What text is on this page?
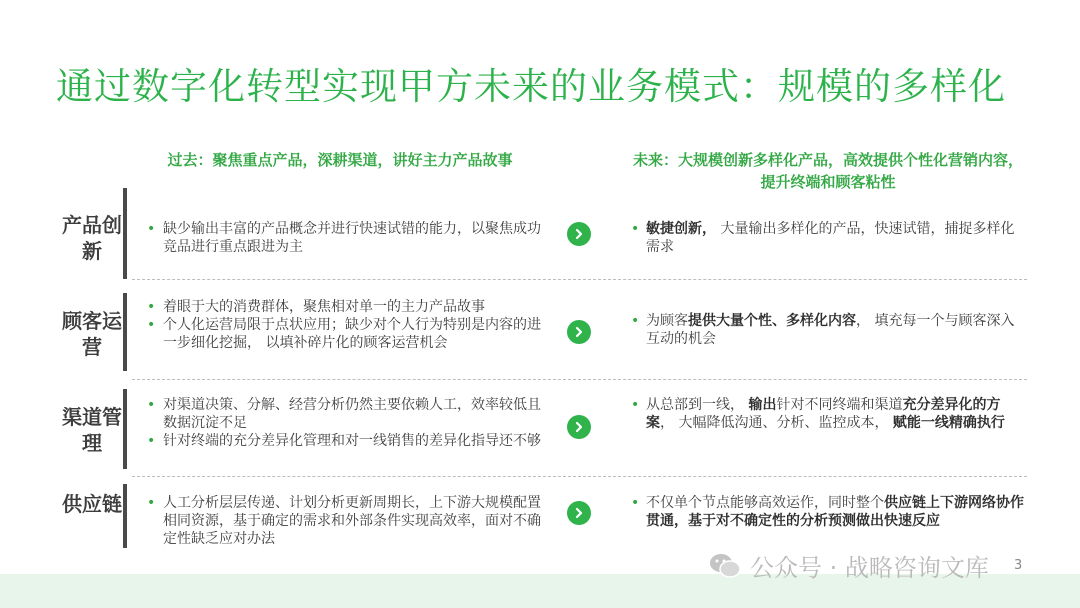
通过数字化转型实现甲方未来的业务模式：规模的多样化
过去：聚焦重点产品，深耕渠道，讲好主力产品故事	未来：大规模创新多样化产品，高效提供个性化营销内容，提升终端和顾客粘性
产品创新
• 缺少输出丰富的产品概念并进行快速试错的能力，以聚焦成功竞品进行重点跟进为主
• 敏捷创新， 大量输出多样化的产品，快速试错，捕捉多样化需求
顾客运营
• 着眼于大的消费群体，聚焦相对单一的主力产品故事
• 个人化运营局限于点状应用；缺少对个人行为特别是内容的进一步细化挖掘， 以填补碎片化的顾客运营机会
• 为顾客提供大量个性、多样化内容， 填充每一个与顾客深入互动的机会
渠道管理
• 对渠道决策、分解、经营分析仍然主要依赖人工，效率较低且数据沉淀不足
• 针对终端的充分差异化管理和对一线销售的差异化指导还不够
• 从总部到一线， 输出针对不同终端和渠道充分差异化的方案， 大幅降低沟通、分析、监控成本， 赋能一线精确执行
供应链
•	人工分析层层传递、计划分析更新周期长，上下游大规模配置相同资源，基于确定的需求和外部条件实现高效率，面对不确定性缺乏应对办法
• 不仅单个节点能够高效运作，同时整个供应链上下游网络协作贯通，基于对不确定性的分析预测做出快速反应
公众号 · 战略咨询文库 3
